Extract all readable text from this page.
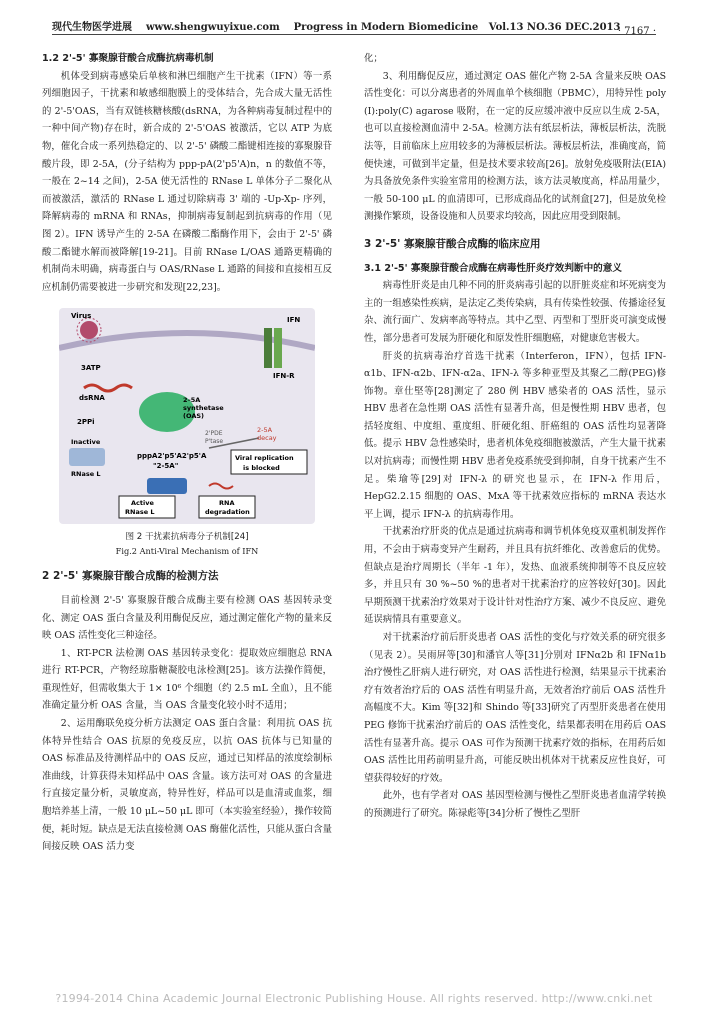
现代生物医学进展 www.shengwuyixue.com Progress in Modern Biomedicine Vol.13 NO.36 DEC.2013
· 7167 ·
1.2 2'-5' 寡聚腺苷酸合成酶抗病毒机制

机体受到病毒感染后单核和淋巴细胞产生干扰素（IFN）等一系列细胞因子，干扰素和敏感细胞膜上的受体结合，先合成大量无活性的 2'-5'OAS，当有双链核糖核酸(dsRNA，为各种病毒复制过程中的一种中间产物)存在时，新合成的 2'-5'OAS 被激活，它以 ATP 为底物，催化合成一系列热稳定的、以 2'-5' 磷酸二酯键相连接的寡聚腺苷酸片段，即 2-5A，(分子结构为 ppp-pA(2'p5'A)n，n 的数值不等，一般在 2~14 之间)，2-5A 使无活性的 RNase L 单体分子二聚化从而被激活，激活的 RNase L 通过切除病毒 3' 端的 -Up-Xp- 序列，降解病毒的 mRNA 和 RNAs，抑制病毒复制起到抗病毒的作用（见图 2）。IFN 诱导产生的 2-5A 在磷酸二酯酶作用下，会由于 2'-5' 磷酸二酯键水解而被降解[19-21]。目前 RNase L/OAS 通路更精确的机制尚未明确，病毒蛋白与 OAS/RNase L 通路的间接和直接相互反应机制仍需要被进一步研究和发现[22,23]。

Virus
IFN-R
IFN
3ATP
dsRNA
2PPi
2–5A
synthetase
(OAS)
2'PDE
P'tase
2-5A
decay
Inactive
RNase L
pppA2'p5'A2'p5'A
"2-5A"
Viral replication
is blocked
Active
RNase L
RNA
degradation
图 2 干扰素抗病毒分子机制[24]
Fig.2 Anti-Viral Mechanism of IFN
2 2'-5' 寡聚腺苷酸合成酶的检测方法

目前检测 2'-5' 寡聚腺苷酸合成酶主要有检测 OAS 基因转录变化、测定 OAS 蛋白含量及利用酶促反应，通过测定催化产物的量来反映 OAS 活性变化三种途径。

1、RT-PCR 法检测 OAS 基因转录变化：提取效应细胞总 RNA 进行 RT-PCR，产物经琼脂糖凝胶电泳检测[25]。该方法操作简便，重现性好，但需收集大于 1× 10⁶ 个细胞（约 2.5 mL 全血），且不能准确定量分析 OAS 含量，当 OAS 含量变化较小时不适用；

2、运用酶联免疫分析方法测定 OAS 蛋白含量：利用抗 OAS 抗体特异性结合 OAS 抗原的免疫反应，以抗 OAS 抗体与已知量的 OAS 标准品及待测样品中的 OAS 反应，通过已知样品的浓度绘制标准曲线，计算获得未知样品中 OAS 含量。该方法可对 OAS 的含量进行直接定量分析，灵敏度高，特异性好，样品可以是血清或血浆，细胞培养基上清，一般 10 μL~50 μL 即可（本实验室经验），操作较简便，耗时短。缺点是无法直接检测 OAS 酶催化活性，只能从蛋白含量间接反映 OAS 活力变

化；

3、利用酶促反应，通过测定 OAS 催化产物 2-5A 含量来反映 OAS 活性变化：可以分离患者的外周血单个核细胞（PBMC），用特异性 poly (I):poly(C) agarose 吸附，在一定的反应缓冲液中反应以生成 2-5A，也可以直接检测血清中 2-5A。检测方法有纸层析法，薄板层析法，洗脱法等，目前临床上应用较多的为薄板层析法。薄板层析法，准确度高，简便快速，可做到半定量，但是技术要求较高[26]。放射免疫吸附法(EIA)为具备放免条件实验室常用的检测方法，该方法灵敏度高，样品用量少，一般 50-100 μL 的血清即可，已形成商品化的试剂盒[27]，但是放免检测操作繁琐，设备设施和人员要求均较高，因此应用受到限制。

3 2'-5' 寡聚腺苷酸合成酶的临床应用
3.1 2'-5' 寡聚腺苷酸合成酶在病毒性肝炎疗效判断中的意义

病毒性肝炎是由几种不同的肝炎病毒引起的以肝脏炎症和坏死病变为主的一组感染性疾病，是法定乙类传染病，具有传染性较强、传播途径复杂、流行面广、发病率高等特点。其中乙型、丙型和丁型肝炎可演变成慢性，部分患者可发展为肝硬化和原发性肝细胞癌，对健康危害极大。

肝炎的抗病毒治疗首选干扰素（Interferon，IFN），包括 IFN-α1b、IFN-α2b、IFN-α2a、IFN-λ 等多种亚型及其聚乙二醇(PEG)修饰物。章仕堅等[28]测定了 280 例 HBV 感染者的 OAS 活性，显示 HBV 患者在急性期 OAS 活性有显著升高，但是慢性期 HBV 患者，包括轻度组、中度组、重度组、肝硬化组、肝癌组的 OAS 活性均显著降低。提示 HBV 急性感染时，患者机体免疫细胞被激活，产生大量干扰素以对抗病毒；而慢性期 HBV 患者免疫系统受到抑制，自身干扰素产生不足。柴瑜等[29]对 IFN-λ 的研究也显示，在 IFN-λ 作用后，HepG2.2.15 细胞的 OAS、MxA 等干扰素效应指标的 mRNA 表达水平上调，提示 IFN-λ 的抗病毒作用。

干扰素治疗肝炎的优点是通过抗病毒和调节机体免疫双重机制发挥作用，不会由于病毒变异产生耐药，并且具有抗纤维化、改善愈后的优势。但缺点是治疗周期长（半年 -1 年），发热、血液系统抑制等不良反应较多，并且只有 30 %~50 %的患者对干扰素治疗的应答较好[30]。因此早期预测干扰素治疗效果对于设计针对性治疗方案、减少不良反应、避免延误病情具有重要意义。

对干扰素治疗前后肝炎患者 OAS 活性的变化与疗效关系的研究很多（见表 2）。吴雨屏等[30]和潘官人等[31]分别对 IFNα2b 和 IFNα1b 治疗慢性乙肝病人进行研究，对 OAS 活性进行检测，结果显示干扰素治疗有效者治疗后的 OAS 活性有明显升高，无效者治疗前后 OAS 活性升高幅度不大。Kim 等[32]和 Shindo 等[33]研究了丙型肝炎患者在使用 PEG 修饰干扰素治疗前后的 OAS 活性变化，结果都表明在用药后 OAS 活性有显著升高。提示 OAS 可作为预测干扰素疗效的指标，在用药后如 OAS 活性比用药前明显升高，可能反映出机体对干扰素反应性良好，可望获得较好的疗效。

此外，也有学者对 OAS 基因型检测与慢性乙型肝炎患者血清学转换的预测进行了研究。陈禄彪等[34]分析了慢性乙型肝

?1994-2014 China Academic Journal Electronic Publishing House. All rights reserved. http://www.cnki.net
